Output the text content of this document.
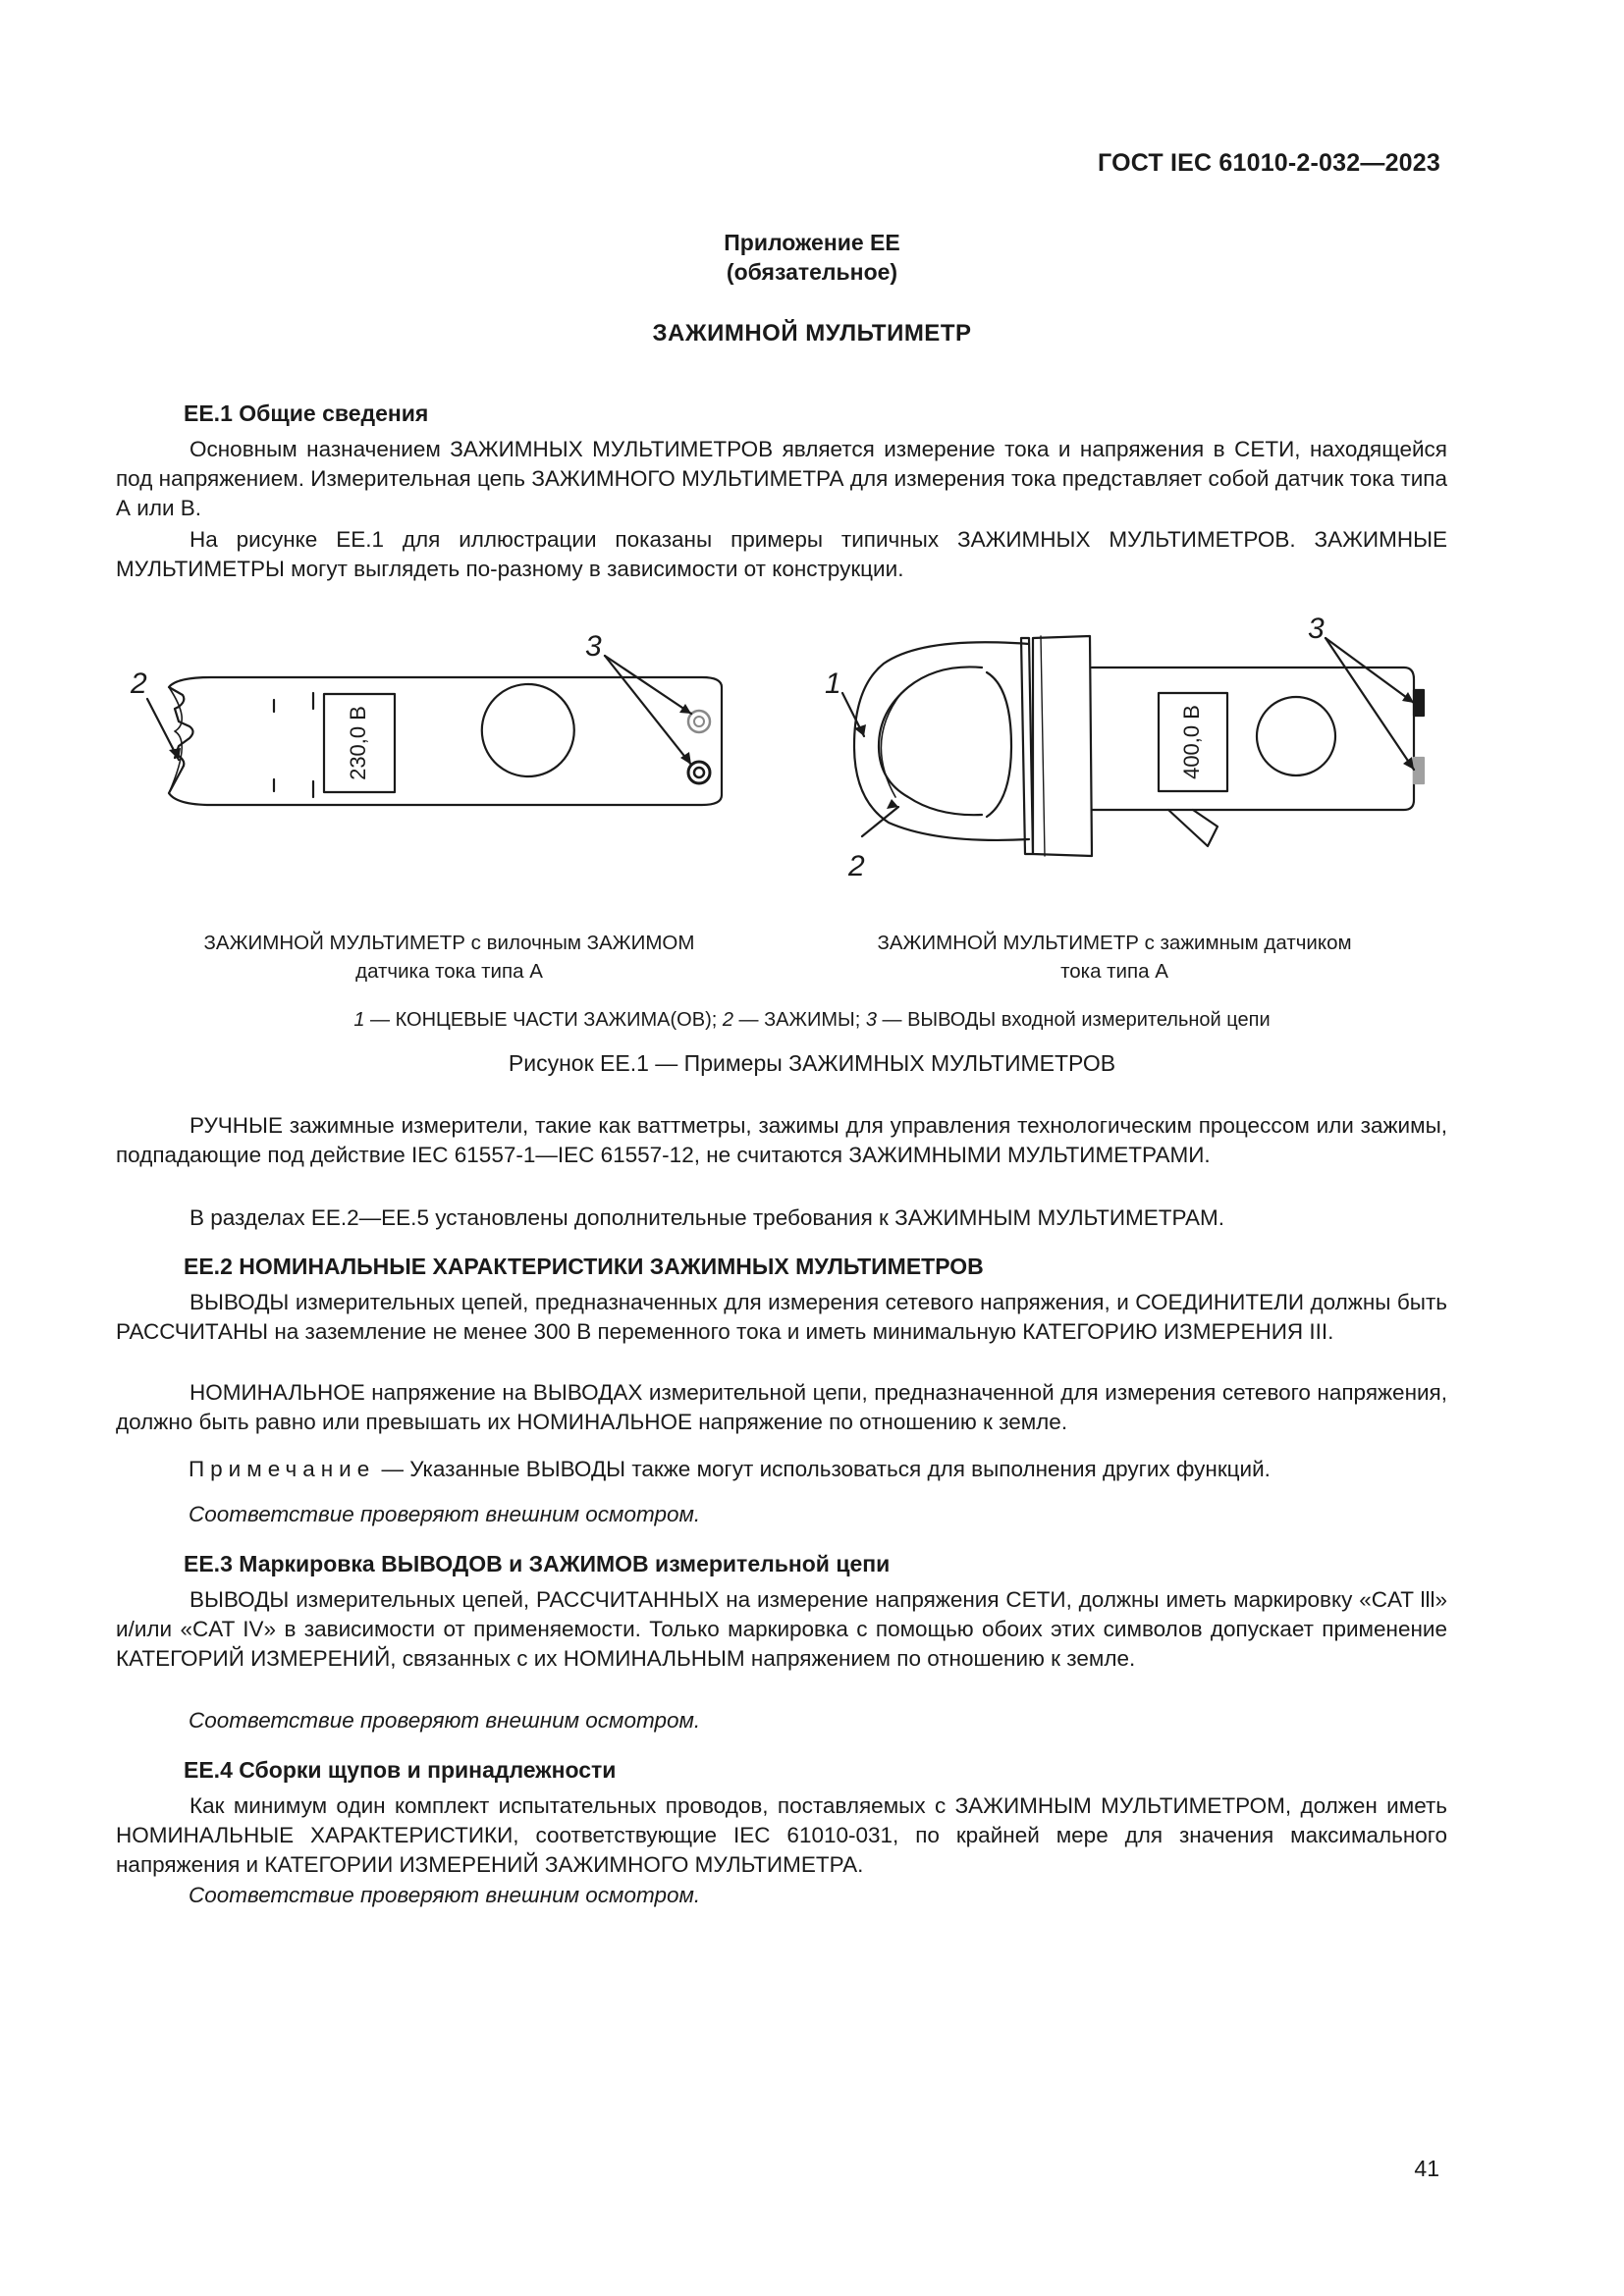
ГОСТ IEC 61010-2-032—2023
Приложение ЕЕ
(обязательное)
ЗАЖИМНОЙ МУЛЬТИМЕТР
ЕЕ.1 Общие сведения
Основным назначением ЗАЖИМНЫХ МУЛЬТИМЕТРОВ является измерение тока и напряжения в СЕТИ, находящейся под напряжением. Измерительная цепь ЗАЖИМНОГО МУЛЬТИМЕТРА для измерения тока представляет собой датчик тока типа А или В.
На рисунке ЕЕ.1 для иллюстрации показаны примеры типичных ЗАЖИМНЫХ МУЛЬТИМЕТРОВ. ЗАЖИМНЫЕ МУЛЬТИМЕТРЫ могут выглядеть по-разному в зависимости от конструкции.
2
3
230,0 В
1
2
3
400,0 В
ЗАЖИМНОЙ МУЛЬТИМЕТР с вилочным ЗАЖИМОМ
датчика тока типа А
ЗАЖИМНОЙ МУЛЬТИМЕТР с зажимным датчиком
тока типа А
1 — КОНЦЕВЫЕ ЧАСТИ ЗАЖИМА(ОВ); 2 — ЗАЖИМЫ; 3 — ВЫВОДЫ входной измерительной цепи
Рисунок ЕЕ.1 — Примеры ЗАЖИМНЫХ МУЛЬТИМЕТРОВ
РУЧНЫЕ зажимные измерители, такие как ваттметры, зажимы для управления технологическим процессом или зажимы, подпадающие под действие IEC 61557-1—IEC 61557-12, не считаются ЗАЖИМНЫМИ МУЛЬТИМЕТРАМИ.
В разделах ЕЕ.2—ЕЕ.5 установлены дополнительные требования к ЗАЖИМНЫМ МУЛЬТИМЕТРАМ.
ЕЕ.2 НОМИНАЛЬНЫЕ ХАРАКТЕРИСТИКИ ЗАЖИМНЫХ МУЛЬТИМЕТРОВ
ВЫВОДЫ измерительных цепей, предназначенных для измерения сетевого напряжения, и СОЕДИНИТЕЛИ должны быть РАССЧИТАНЫ на заземление не менее 300 В переменного тока и иметь минимальную КАТЕГОРИЮ ИЗМЕРЕНИЯ III.
НОМИНАЛЬНОЕ напряжение на ВЫВОДАХ измерительной цепи, предназначенной для измерения сетевого напряжения, должно быть равно или превышать их НОМИНАЛЬНОЕ напряжение по отношению к земле.
Примечание — Указанные ВЫВОДЫ также могут использоваться для выполнения других функций.
Соответствие проверяют внешним осмотром.
ЕЕ.3 Маркировка ВЫВОДОВ и ЗАЖИМОВ измерительной цепи
ВЫВОДЫ измерительных цепей, РАССЧИТАННЫХ на измерение напряжения СЕТИ, должны иметь маркировку «CAT lll» и/или «CAT IV» в зависимости от применяемости. Только маркировка с помощью обоих этих символов допускает применение КАТЕГОРИЙ ИЗМЕРЕНИЙ, связанных с их НОМИНАЛЬНЫМ напряжением по отношению к земле.
Соответствие проверяют внешним осмотром.
ЕЕ.4 Сборки щупов и принадлежности
Как минимум один комплект испытательных проводов, поставляемых с ЗАЖИМНЫМ МУЛЬТИМЕТРОМ, должен иметь НОМИНАЛЬНЫЕ ХАРАКТЕРИСТИКИ, соответствующие IEC 61010-031, по крайней мере для значения максимального напряжения и КАТЕГОРИИ ИЗМЕРЕНИЙ ЗАЖИМНОГО МУЛЬТИМЕТРА.
Соответствие проверяют внешним осмотром.
41
